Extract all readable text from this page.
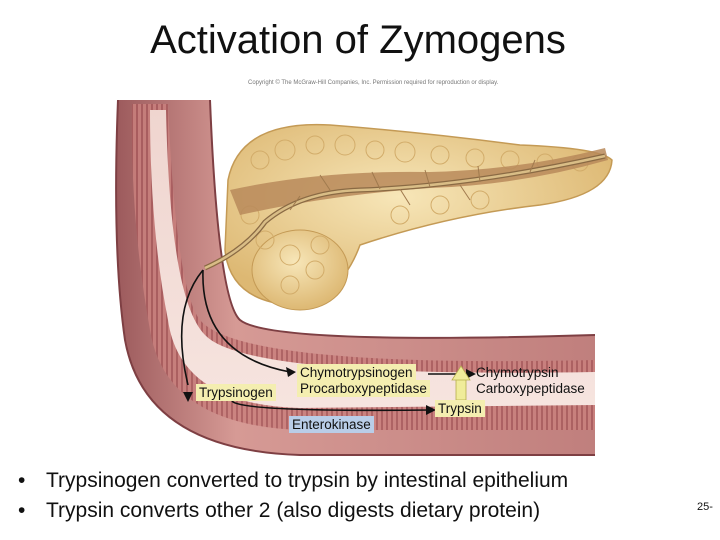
Activation of Zymogens
Copyright © The McGraw-Hill Companies, Inc. Permission required for reproduction or display.
Trypsinogen
Chymotrypsinogen
Procarboxypeptidase
Chymotrypsin
Carboxypeptidase
Trypsin
Enterokinase
• Trypsinogen converted to trypsin by intestinal epithelium
• Trypsin converts other 2 (also digests dietary protein)	25-
